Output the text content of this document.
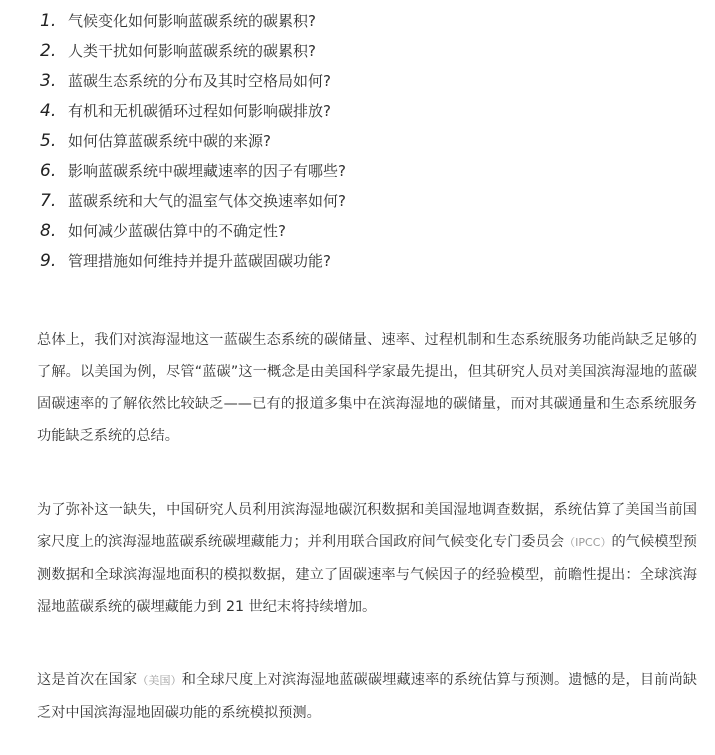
1. 气候变化如何影响蓝碳系统的碳累积?
2. 人类干扰如何影响蓝碳系统的碳累积?
3. 蓝碳生态系统的分布及其时空格局如何?
4. 有机和无机碳循环过程如何影响碳排放?
5. 如何估算蓝碳系统中碳的来源?
6. 影响蓝碳系统中碳埋藏速率的因子有哪些?
7. 蓝碳系统和大气的温室气体交换速率如何?
8. 如何减少蓝碳估算中的不确定性?
9. 管理措施如何维持并提升蓝碳固碳功能?

总体上，我们对滨海湿地这一蓝碳生态系统的碳储量、速率、过程机制和生态系统服务功能尚缺乏足够的了解。以美国为例，尽管“蓝碳”这一概念是由美国科学家最先提出，但其研究人员对美国滨海湿地的蓝碳固碳速率的了解依然比较缺乏——已有的报道多集中在滨海湿地的碳储量，而对其碳通量和生态系统服务功能缺乏系统的总结。

为了弥补这一缺失，中国研究人员利用滨海湿地碳沉积数据和美国湿地调查数据，系统估算了美国当前国家尺度上的滨海湿地蓝碳系统碳埋藏能力；并利用联合国政府间气候变化专门委员会（IPCC）的气候模型预测数据和全球滨海湿地面积的模拟数据，建立了固碳速率与气候因子的经验模型，前瞻性提出：全球滨海湿地蓝碳系统的碳埋藏能力到 21 世纪末将持续增加。

这是首次在国家（美国）和全球尺度上对滨海湿地蓝碳碳埋藏速率的系统估算与预测。遗憾的是，目前尚缺乏对中国滨海湿地固碳功能的系统模拟预测。
